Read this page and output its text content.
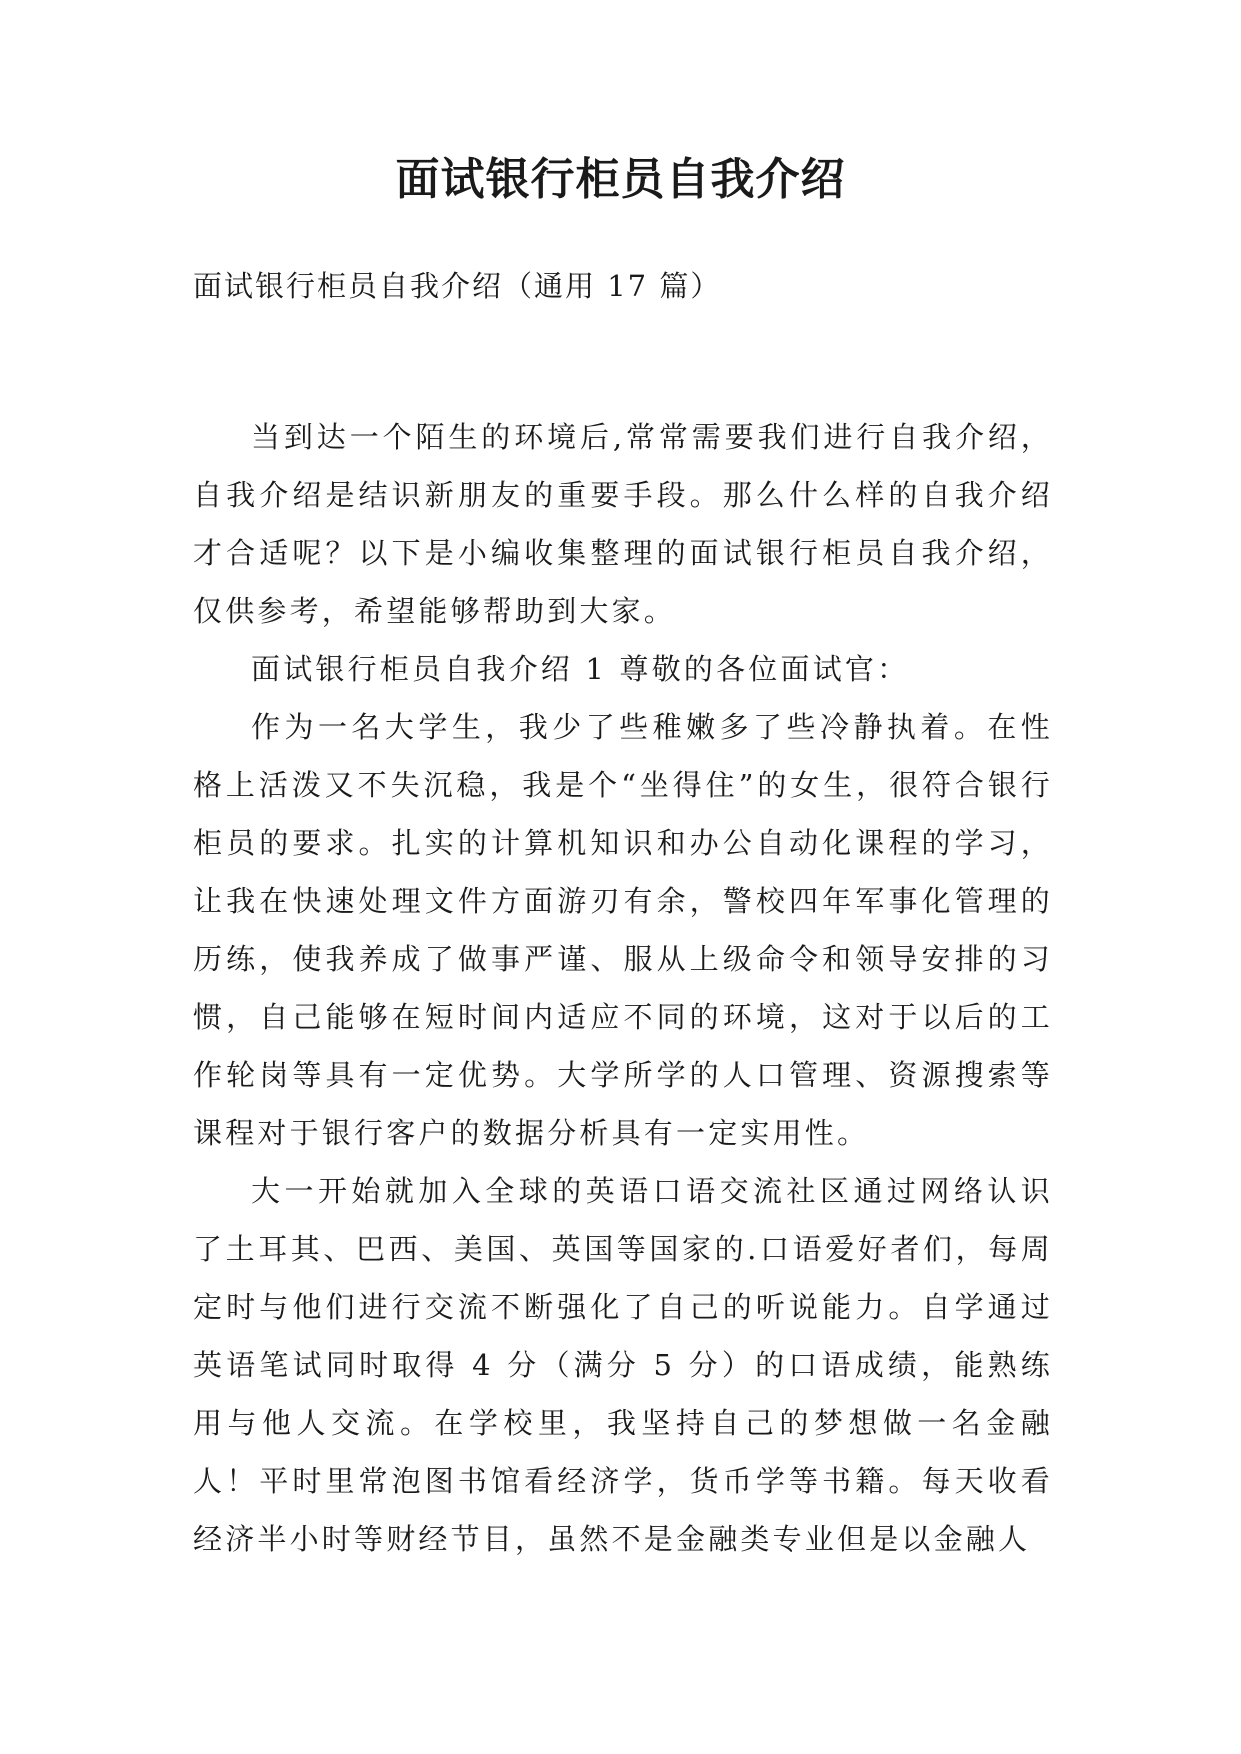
面试银行柜员自我介绍

面试银行柜员自我介绍（通用 17 篇）

当到达一个陌生的环境后,常常需要我们进行自我介绍，自我介绍是结识新朋友的重要手段。那么什么样的自我介绍才合适呢？以下是小编收集整理的面试银行柜员自我介绍，仅供参考，希望能够帮助到大家。

面试银行柜员自我介绍 1 尊敬的各位面试官：

作为一名大学生，我少了些稚嫩多了些冷静执着。在性格上活泼又不失沉稳，我是个“坐得住”的女生，很符合银行柜员的要求。扎实的计算机知识和办公自动化课程的学习，让我在快速处理文件方面游刃有余，警校四年军事化管理的历练，使我养成了做事严谨、服从上级命令和领导安排的习惯，自己能够在短时间内适应不同的环境，这对于以后的工作轮岗等具有一定优势。大学所学的人口管理、资源搜索等课程对于银行客户的数据分析具有一定实用性。

大一开始就加入全球的英语口语交流社区通过网络认识了土耳其、巴西、美国、英国等国家的.口语爱好者们，每周定时与他们进行交流不断强化了自己的听说能力。自学通过英语笔试同时取得 4 分（满分 5 分）的口语成绩，能熟练用与他人交流。在学校里，我坚持自己的梦想做一名金融人！平时里常泡图书馆看经济学，货币学等书籍。每天收看经济半小时等财经节目，虽然不是金融类专业但是以金融人
